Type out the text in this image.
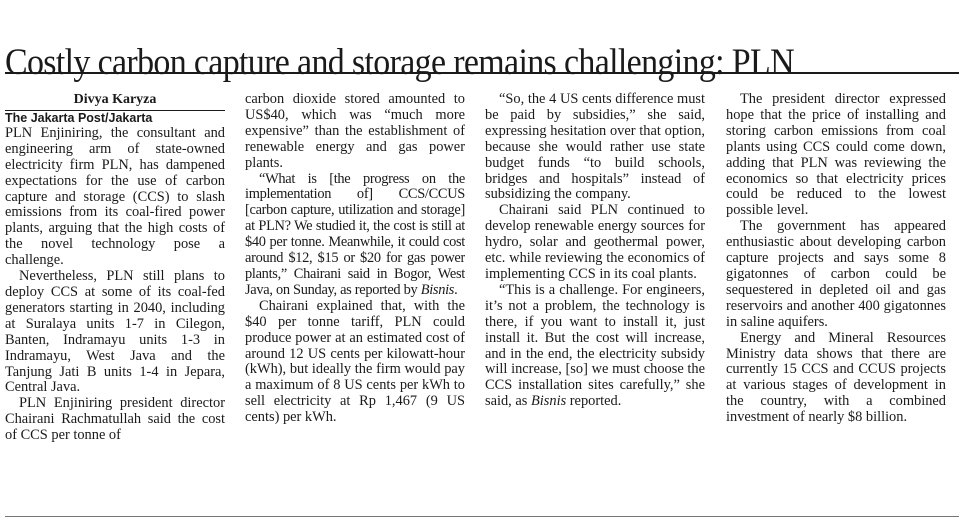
Costly carbon capture and storage remains challenging: PLN

Divya Karyza

The Jakarta Post/Jakarta

PLN Enjiniring, the consultant and engineering arm of state-owned electricity firm PLN, has dampened expectations for the use of carbon capture and storage (CCS) to slash emissions from its coal-fired power plants, arguing that the high costs of the novel technology pose a challenge.

Nevertheless, PLN still plans to deploy CCS at some of its coal-fed generators starting in 2040, including at Suralaya units 1-7 in Cilegon, Banten, Indramayu units 1-3 in Indramayu, West Java and the Tanjung Jati B units 1-4 in Jepara, Central Java.

PLN Enjiniring president director Chairani Rachmatullah said the cost of CCS per tonne of

carbon dioxide stored amounted to US$40, which was “much more expensive” than the establishment of renewable energy and gas power plants.

“What is [the progress on the implementation of] CCS/CCUS [carbon capture, utilization and storage] at PLN? We studied it, the cost is still at $40 per tonne. Meanwhile, it could cost around $12, $15 or $20 for gas power plants,” Chairani said in Bogor, West Java, on Sunday, as reported by Bisnis.

Chairani explained that, with the $40 per tonne tariff, PLN could produce power at an estimated cost of around 12 US cents per kilowatt-hour (kWh), but ideally the firm would pay a maximum of 8 US cents per kWh to sell electricity at Rp 1,467 (9 US cents) per kWh.

“So, the 4 US cents difference must be paid by subsidies,” she said, expressing hesitation over that option, because she would rather use state budget funds “to build schools, bridges and hospitals” instead of subsidizing the company.

Chairani said PLN continued to develop renewable energy sources for hydro, solar and geothermal power, etc. while reviewing the economics of implementing CCS in its coal plants.

“This is a challenge. For engineers, it’s not a problem, the technology is there, if you want to install it, just install it. But the cost will increase, and in the end, the electricity subsidy will increase, [so] we must choose the CCS installation sites carefully,” she said, as Bisnis reported.

The president director expressed hope that the price of installing and storing carbon emissions from coal plants using CCS could come down, adding that PLN was reviewing the economics so that electricity prices could be reduced to the lowest possible level.

The government has appeared enthusiastic about developing carbon capture projects and says some 8 gigatonnes of carbon could be sequestered in depleted oil and gas reservoirs and another 400 gigatonnes in saline aquifers.

Energy and Mineral Resources Ministry data shows that there are currently 15 CCS and CCUS projects at various stages of development in the country, with a combined investment of nearly $8 billion.
